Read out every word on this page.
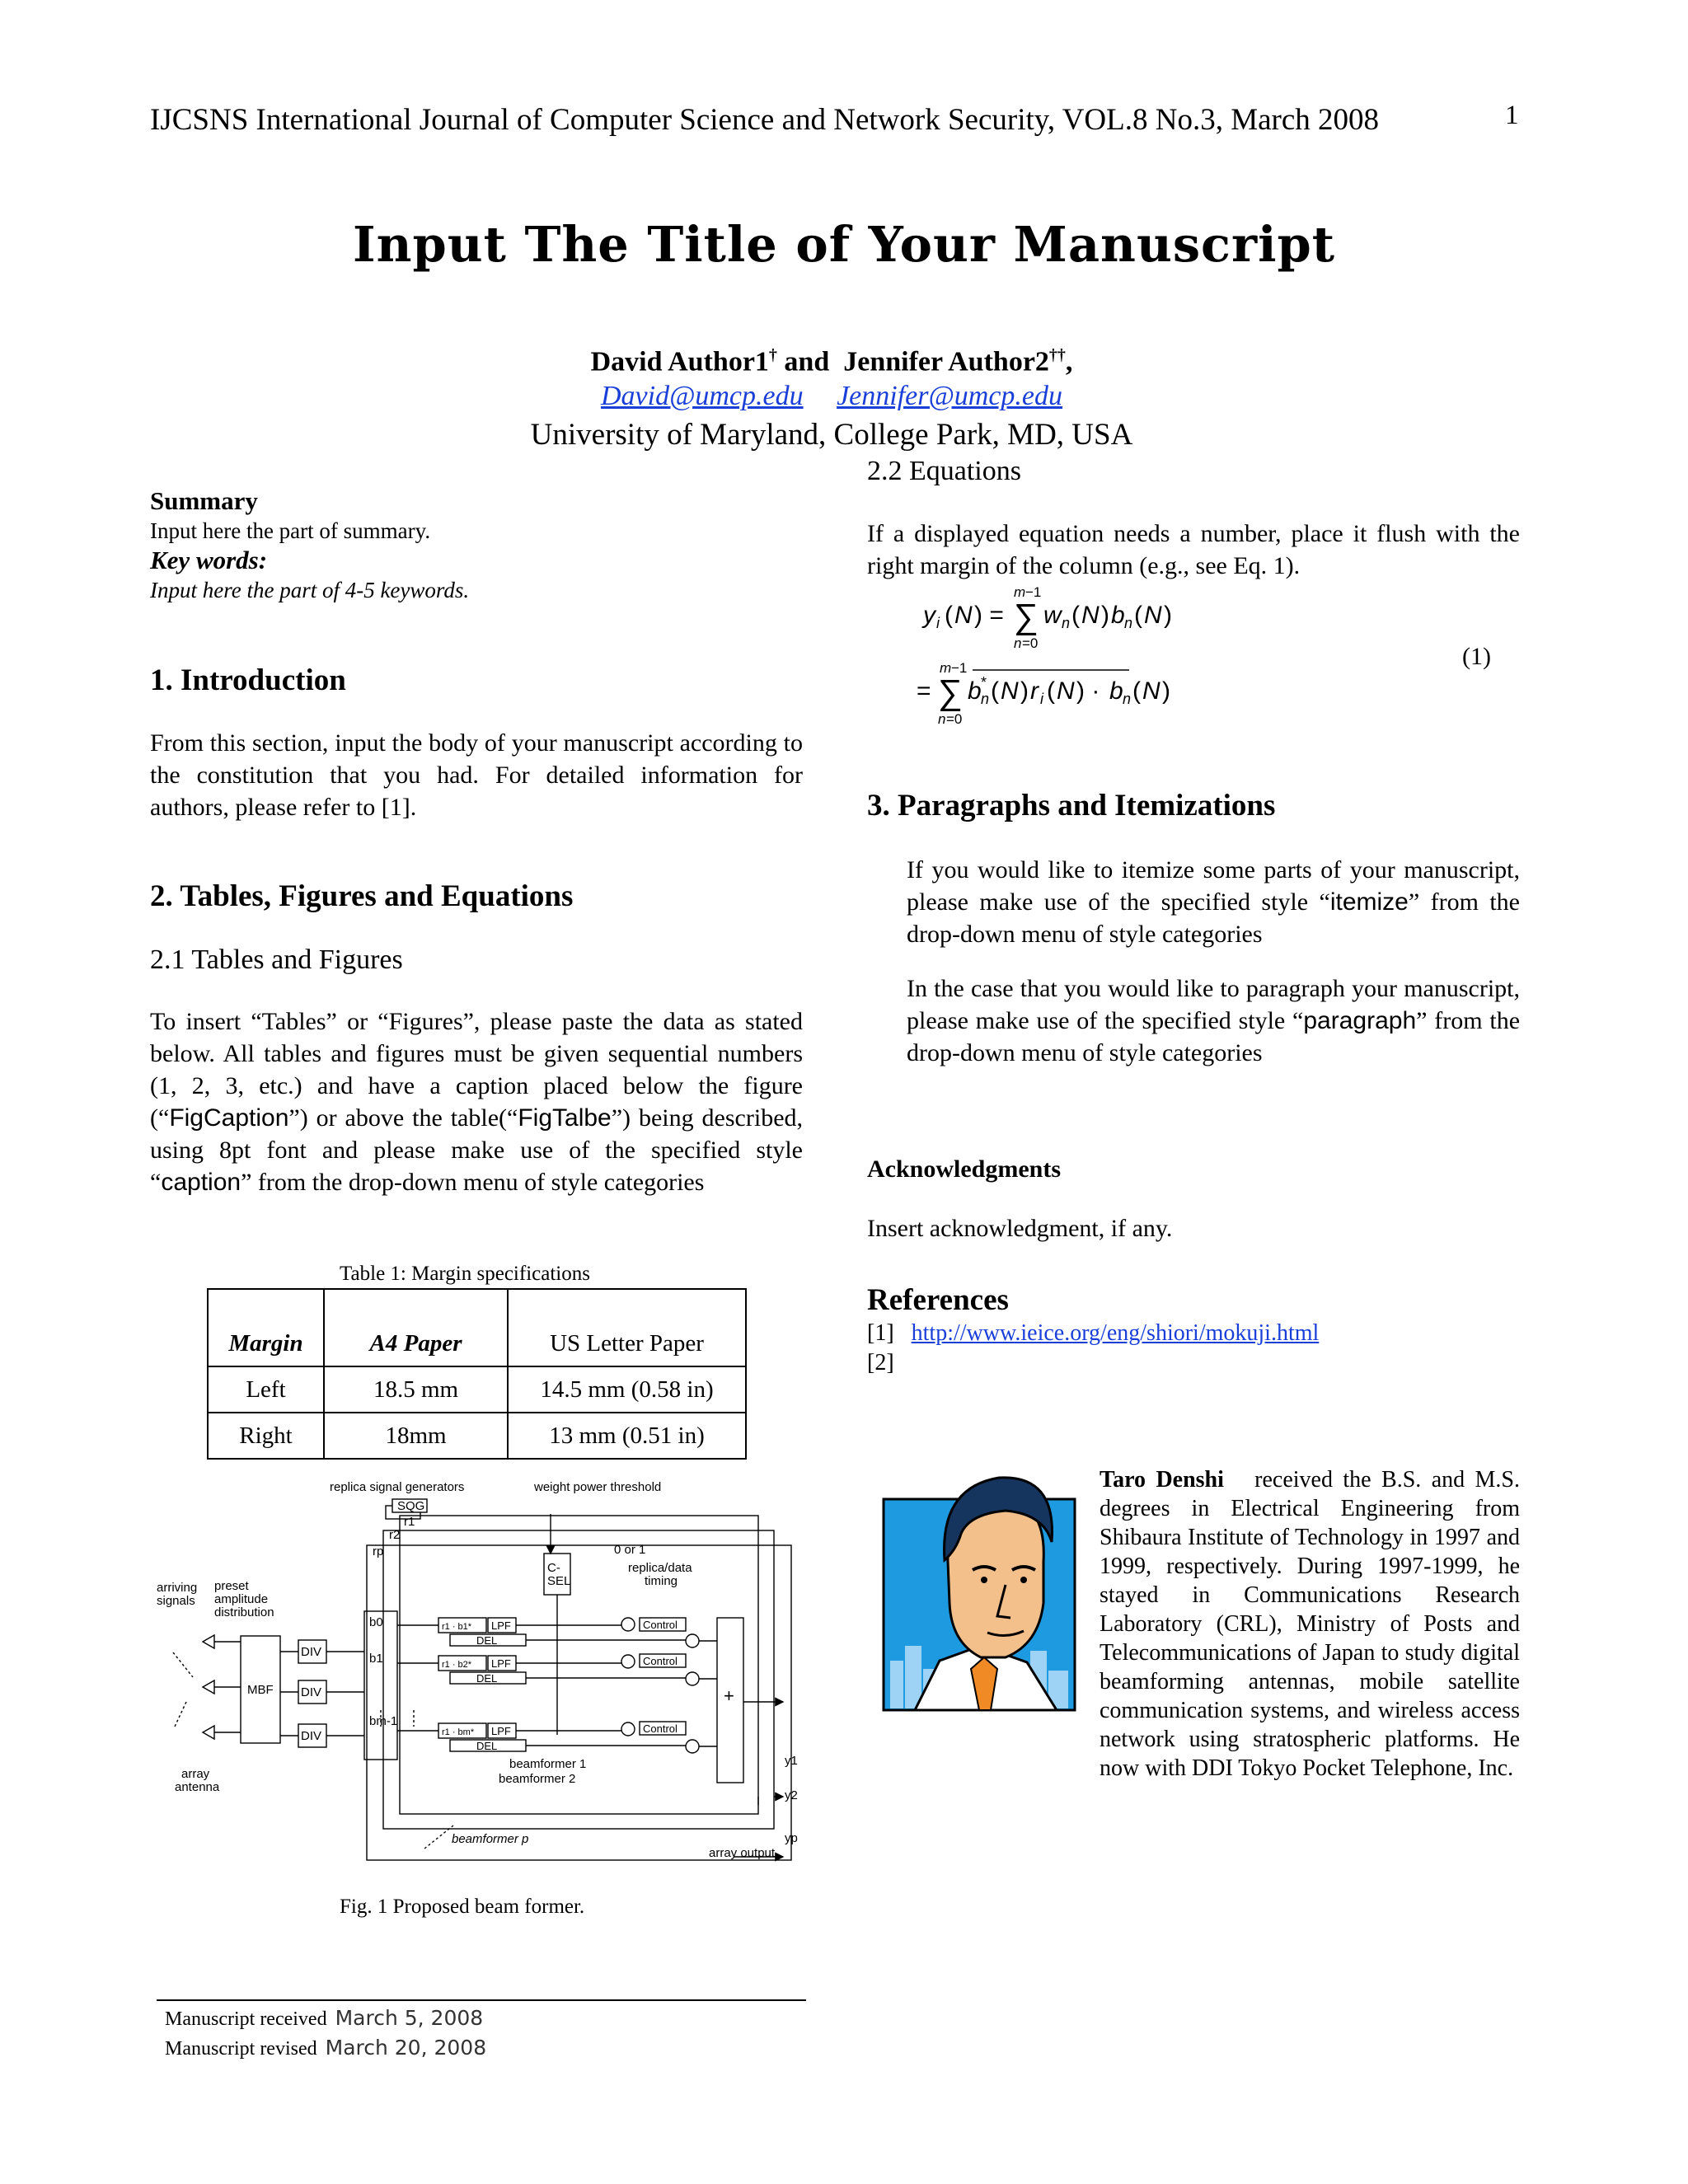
IJCSNS International Journal of Computer Science and Network Security, VOL.8 No.3, March 2008	1
Input The Title of Your Manuscript
David Author1† and Jennifer Author2††,
David@umcp.edu Jennifer@umcp.edu
University of Maryland, College Park, MD, USA
Summary
Input here the part of summary.
Key words:
Input here the part of 4-5 keywords.
1. Introduction
From this section, input the body of your manuscript according to the constitution that you had. For detailed information for authors, please refer to [1].
2. Tables, Figures and Equations
2.1 Tables and Figures
To insert “Tables” or “Figures”, please paste the data as stated below. All tables and figures must be given sequential numbers (1, 2, 3, etc.) and have a caption placed below the figure (“FigCaption”) or above the table(“FigTalbe”) being described, using 8pt font and please make use of the specified style “caption” from the drop-down menu of style categories
Table 1: Margin specifications
Margin	A4 Paper	US Letter Paper
Left	18.5 mm	14.5 mm (0.58 in)
Right	18mm	13 mm (0.51 in)
replica signal generators
SQG
weight power threshold
0 or 1
C-
SEL
replica/data
timing
arriving
signals
preset
amplitude
distribution
MBF
DIV
DIV
DIV
b0
b1
bm-1
r1
r2
rp
r1 · b1*
r1 · b2*
r1 · bm*
LPF
LPF
LPF
DEL
DEL
DEL
Control
Control
Control
+
array
antenna
beamformer 1
beamformer 2
beamformer p
array output
y1
y2
yp
Fig. 1 Proposed beam former.
Manuscript received March 5, 2008
Manuscript revised March 20, 2008
2.2 Equations
If a displayed equation needs a number, place it flush with the right margin of the column (e.g., see Eq. 1).
m −1
y i ( N ) = ∑ w n ( N ) b n ( N )
n =0
m −1
= ∑ b *
n ( N ) r i ( N ) · b n ( N )
n =0
(1)
3. Paragraphs and Itemizations
If you would like to itemize some parts of your manuscript, please make use of the specified style “itemize” from the drop-down menu of style categories
In the case that you would like to paragraph your manuscript, please make use of the specified style “paragraph” from the drop-down menu of style categories
Acknowledgments
Insert acknowledgment, if any.
References
[1] http://www.ieice.org/eng/shiori/mokuji.html
[2]
Taro Denshi received the B.S. and M.S. degrees in Electrical Engineering from Shibaura Institute of Technology in 1997 and 1999, respectively. During 1997-1999, he stayed in Communications Research Laboratory (CRL), Ministry of Posts and Telecommunications of Japan to study digital beamforming antennas, mobile satellite communication systems, and wireless access network using stratospheric platforms. He now with DDI Tokyo Pocket Telephone, Inc.
